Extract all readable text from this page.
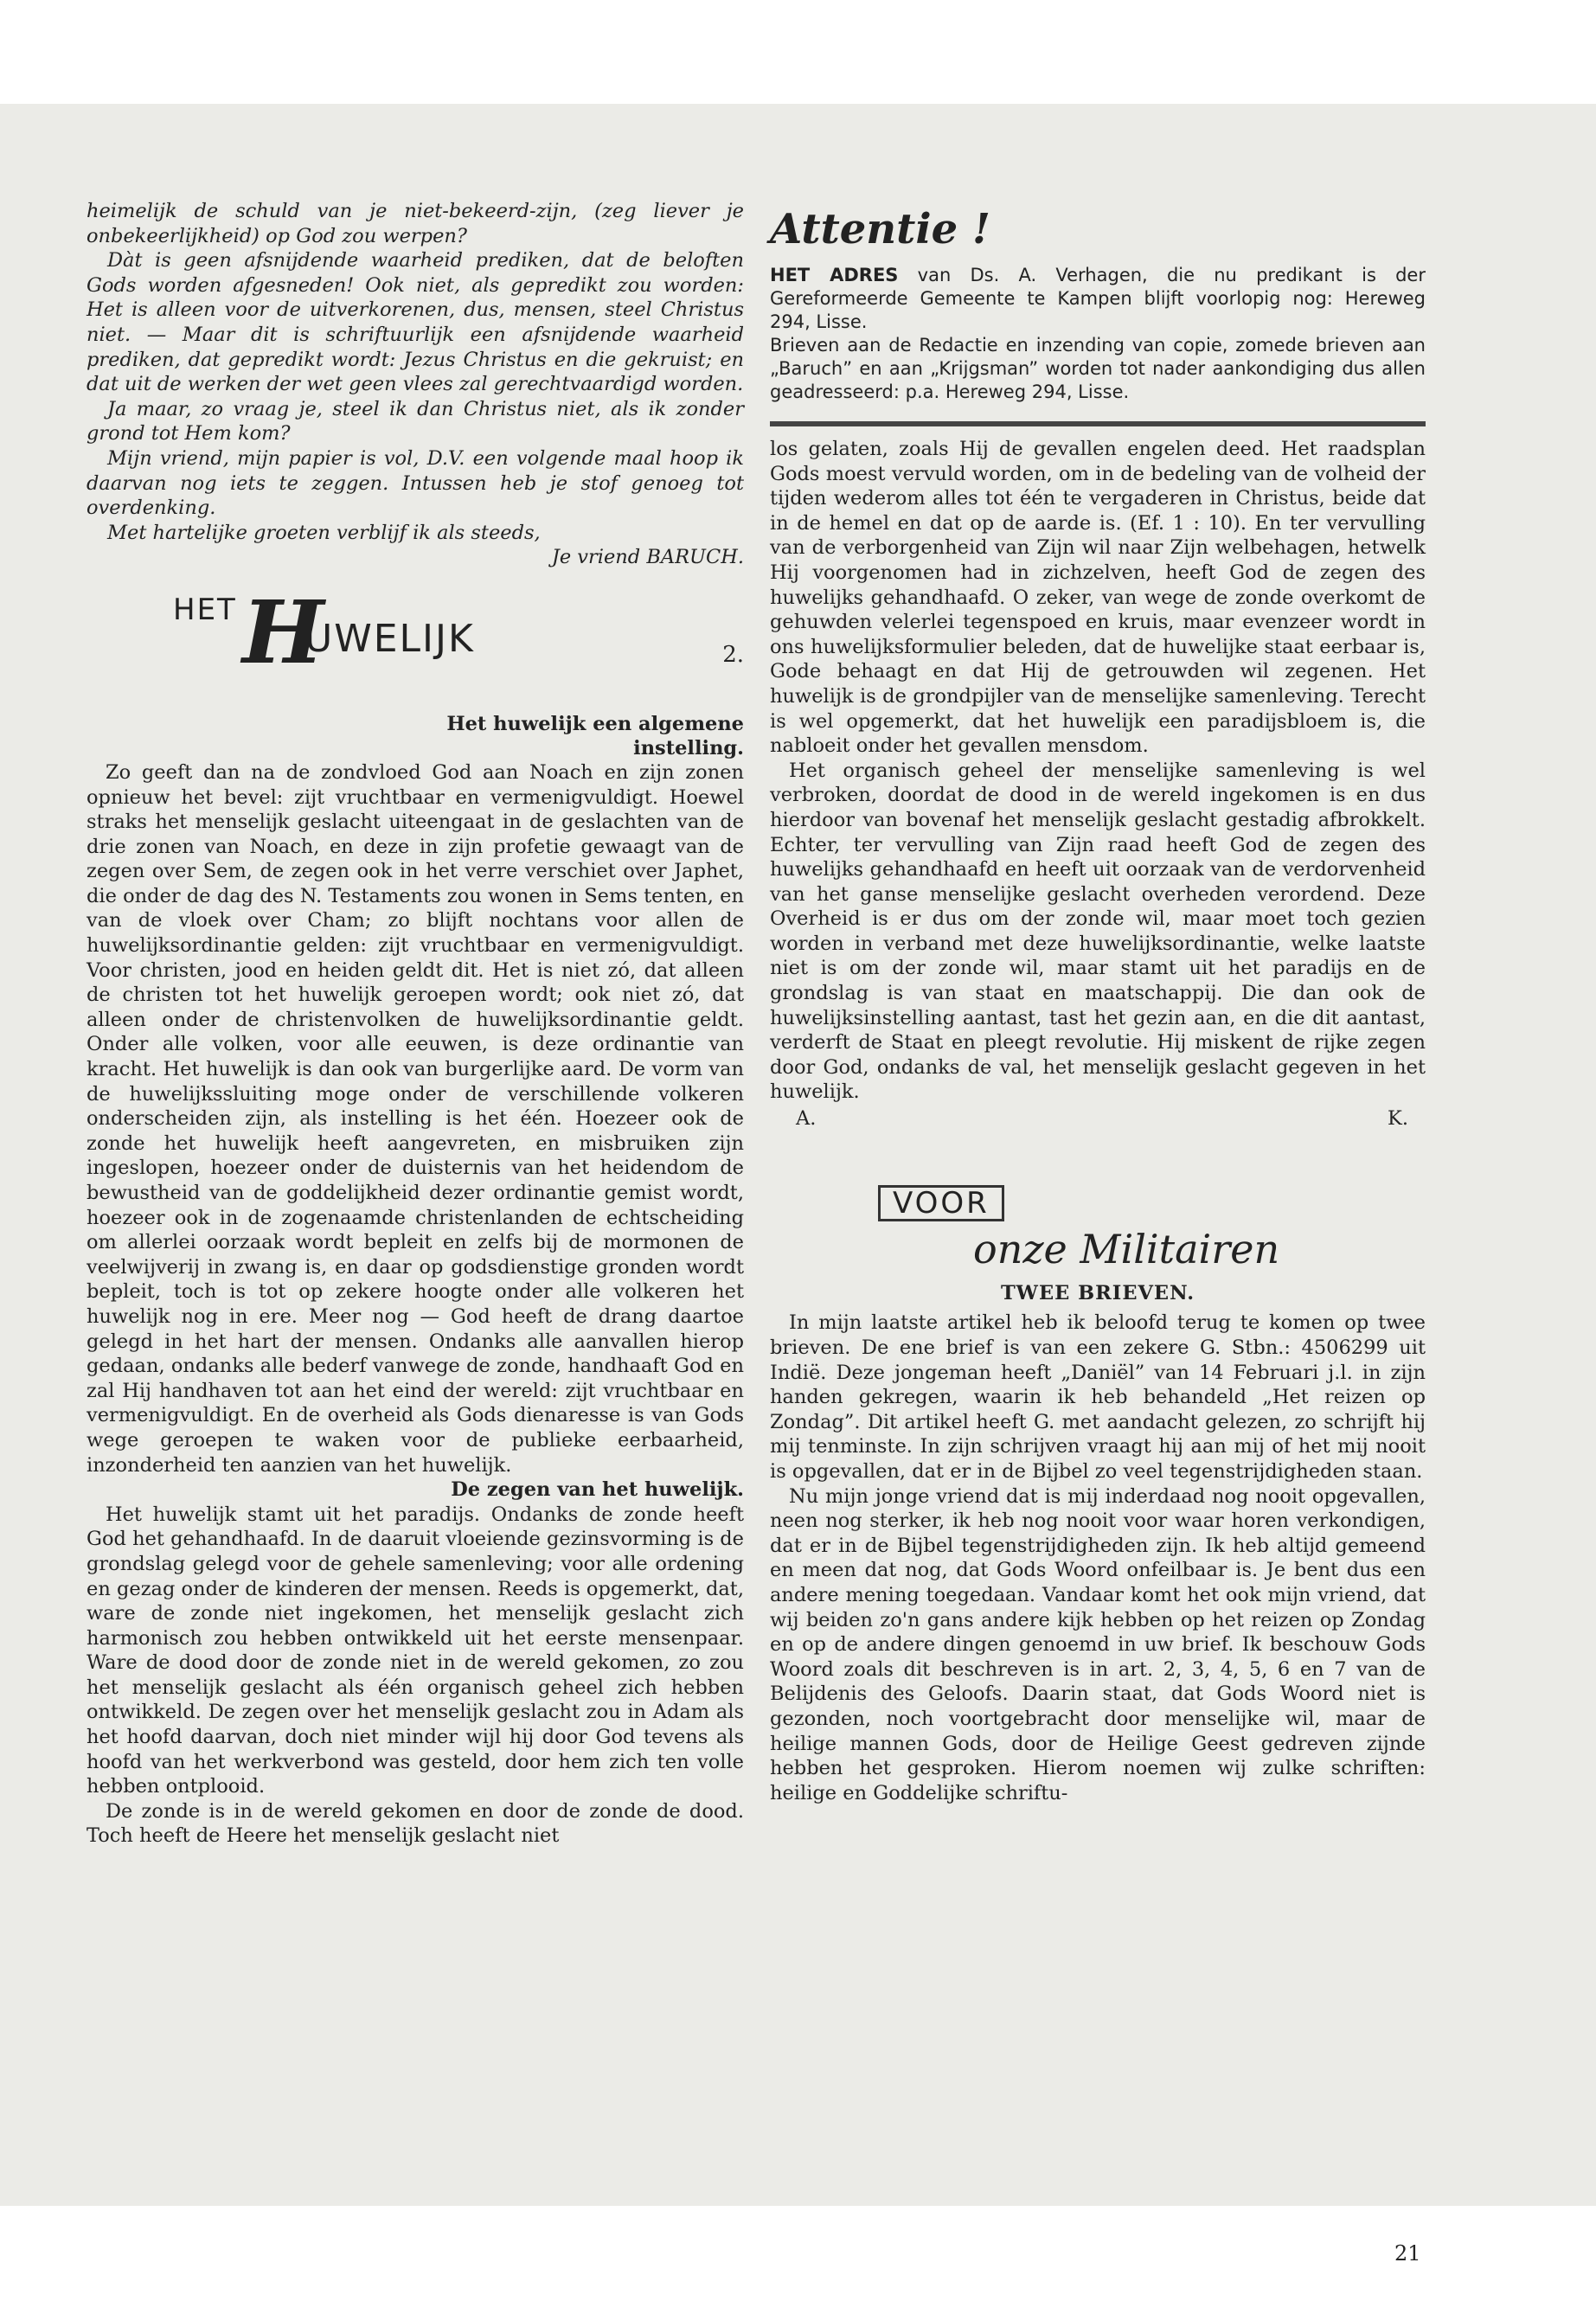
heimelijk de schuld van je niet-bekeerd-zijn, (zeg liever je onbekeerlijkheid) op God zou werpen?

Dàt is geen afsnijdende waarheid prediken, dat de beloften Gods worden afgesneden! Ook niet, als gepredikt zou worden: Het is alleen voor de uitverkorenen, dus, mensen, steel Christus niet. — Maar dit is schriftuurlijk een afsnijdende waarheid prediken, dat gepredikt wordt: Jezus Christus en die gekruist; en dat uit de werken der wet geen vlees zal gerechtvaardigd worden.

Ja maar, zo vraag je, steel ik dan Christus niet, als ik zonder grond tot Hem kom?

Mijn vriend, mijn papier is vol, D.V. een volgende maal hoop ik daarvan nog iets te zeggen. Intussen heb je stof genoeg tot overdenking.

Met hartelijke groeten verblijf ik als steeds,

Je vriend BARUCH.

HET H
UWELIJK	2.

Het huwelijk een algemene instelling.

Zo geeft dan na de zondvloed God aan Noach en zijn zonen opnieuw het bevel: zijt vruchtbaar en vermenigvuldigt. Hoewel straks het menselijk geslacht uiteengaat in de geslachten van de drie zonen van Noach, en deze in zijn profetie gewaagt van de zegen over Sem, de zegen ook in het verre verschiet over Japhet, die onder de dag des N. Testaments zou wonen in Sems tenten, en van de vloek over Cham; zo blijft nochtans voor allen de huwelijksordinantie gelden: zijt vruchtbaar en vermenigvuldigt. Voor christen, jood en heiden geldt dit. Het is niet zó, dat alleen de christen tot het huwelijk geroepen wordt; ook niet zó, dat alleen onder de christenvolken de huwelijksordinantie geldt. Onder alle volken, voor alle eeuwen, is deze ordinantie van kracht. Het huwelijk is dan ook van burgerlijke aard. De vorm van de huwelijkssluiting moge onder de verschillende volkeren onderscheiden zijn, als instelling is het één. Hoezeer ook de zonde het huwelijk heeft aangevreten, en misbruiken zijn ingeslopen, hoezeer onder de duisternis van het heidendom de bewustheid van de goddelijkheid dezer ordinantie gemist wordt, hoezeer ook in de zogenaamde christenlanden de echtscheiding om allerlei oorzaak wordt bepleit en zelfs bij de mormonen de veelwijverij in zwang is, en daar op godsdienstige gronden wordt bepleit, toch is tot op zekere hoogte onder alle volkeren het huwelijk nog in ere. Meer nog — God heeft de drang daartoe gelegd in het hart der mensen. Ondanks alle aanvallen hierop gedaan, ondanks alle bederf vanwege de zonde, handhaaft God en zal Hij handhaven tot aan het eind der wereld: zijt vruchtbaar en vermenigvuldigt. En de overheid als Gods dienaresse is van Gods wege geroepen te waken voor de publieke eerbaarheid, inzonderheid ten aanzien van het huwelijk.

De zegen van het huwelijk.

Het huwelijk stamt uit het paradijs. Ondanks de zonde heeft God het gehandhaafd. In de daaruit vloeiende gezinsvorming is de grondslag gelegd voor de gehele samenleving; voor alle ordening en gezag onder de kinderen der mensen. Reeds is opgemerkt, dat, ware de zonde niet ingekomen, het menselijk geslacht zich harmonisch zou hebben ontwikkeld uit het eerste mensenpaar. Ware de dood door de zonde niet in de wereld gekomen, zo zou het menselijk geslacht als één organisch geheel zich hebben ontwikkeld. De zegen over het menselijk geslacht zou in Adam als het hoofd daarvan, doch niet minder wijl hij door God tevens als hoofd van het werkverbond was gesteld, door hem zich ten volle hebben ontplooid.

De zonde is in de wereld gekomen en door de zonde de dood. Toch heeft de Heere het menselijk geslacht niet

Attentie !

HET ADRES van Ds. A. Verhagen, die nu predikant is der Gereformeerde Gemeente te Kampen blijft voorlopig nog: Hereweg 294, Lisse.

Brieven aan de Redactie en inzending van copie, zomede brieven aan „Baruch” en aan „Krijgsman” worden tot nader aankondiging dus allen geadresseerd: p.a. Hereweg 294, Lisse.

los gelaten, zoals Hij de gevallen engelen deed. Het raadsplan Gods moest vervuld worden, om in de bedeling van de volheid der tijden wederom alles tot één te vergaderen in Christus, beide dat in de hemel en dat op de aarde is. (Ef. 1 : 10). En ter vervulling van de verborgenheid van Zijn wil naar Zijn welbehagen, hetwelk Hij voorgenomen had in zichzelven, heeft God de zegen des huwelijks gehandhaafd. O zeker, van wege de zonde overkomt de gehuwden velerlei tegenspoed en kruis, maar evenzeer wordt in ons huwelijksformulier beleden, dat de huwelijke staat eerbaar is, Gode behaagt en dat Hij de getrouwden wil zegenen. Het huwelijk is de grondpijler van de menselijke samenleving. Terecht is wel opgemerkt, dat het huwelijk een paradijsbloem is, die nabloeit onder het gevallen mensdom.

Het organisch geheel der menselijke samenleving is wel verbroken, doordat de dood in de wereld ingekomen is en dus hierdoor van bovenaf het menselijk geslacht gestadig afbrokkelt. Echter, ter vervulling van Zijn raad heeft God de zegen des huwelijks gehandhaafd en heeft uit oorzaak van de verdorvenheid van het ganse menselijke geslacht overheden verordend. Deze Overheid is er dus om der zonde wil, maar moet toch gezien worden in verband met deze huwelijksordinantie, welke laatste niet is om der zonde wil, maar stamt uit het paradijs en de grondslag is van staat en maatschappij. Die dan ook de huwelijksinstelling aantast, tast het gezin aan, en die dit aantast, verderft de Staat en pleegt revolutie. Hij miskent de rijke zegen door God, ondanks de val, het menselijk geslacht gegeven in het huwelijk.

A.	K.
VOOR
onze Militairen
TWEE BRIEVEN.

In mijn laatste artikel heb ik beloofd terug te komen op twee brieven. De ene brief is van een zekere G. Stbn.: 4506299 uit Indië. Deze jongeman heeft „Daniël” van 14 Februari j.l. in zijn handen gekregen, waarin ik heb behandeld „Het reizen op Zondag”. Dit artikel heeft G. met aandacht gelezen, zo schrijft hij mij tenminste. In zijn schrijven vraagt hij aan mij of het mij nooit is opgevallen, dat er in de Bijbel zo veel tegenstrijdigheden staan.

Nu mijn jonge vriend dat is mij inderdaad nog nooit opgevallen, neen nog sterker, ik heb nog nooit voor waar horen verkondigen, dat er in de Bijbel tegenstrijdigheden zijn. Ik heb altijd gemeend en meen dat nog, dat Gods Woord onfeilbaar is. Je bent dus een andere mening toegedaan. Vandaar komt het ook mijn vriend, dat wij beiden zo'n gans andere kijk hebben op het reizen op Zondag en op de andere dingen genoemd in uw brief. Ik beschouw Gods Woord zoals dit beschreven is in art. 2, 3, 4, 5, 6 en 7 van de Belijdenis des Geloofs. Daarin staat, dat Gods Woord niet is gezonden, noch voortgebracht door menselijke wil, maar de heilige mannen Gods, door de Heilige Geest gedreven zijnde hebben het gesproken. Hierom noemen wij zulke schriften: heilige en Goddelijke schriftu-

21
